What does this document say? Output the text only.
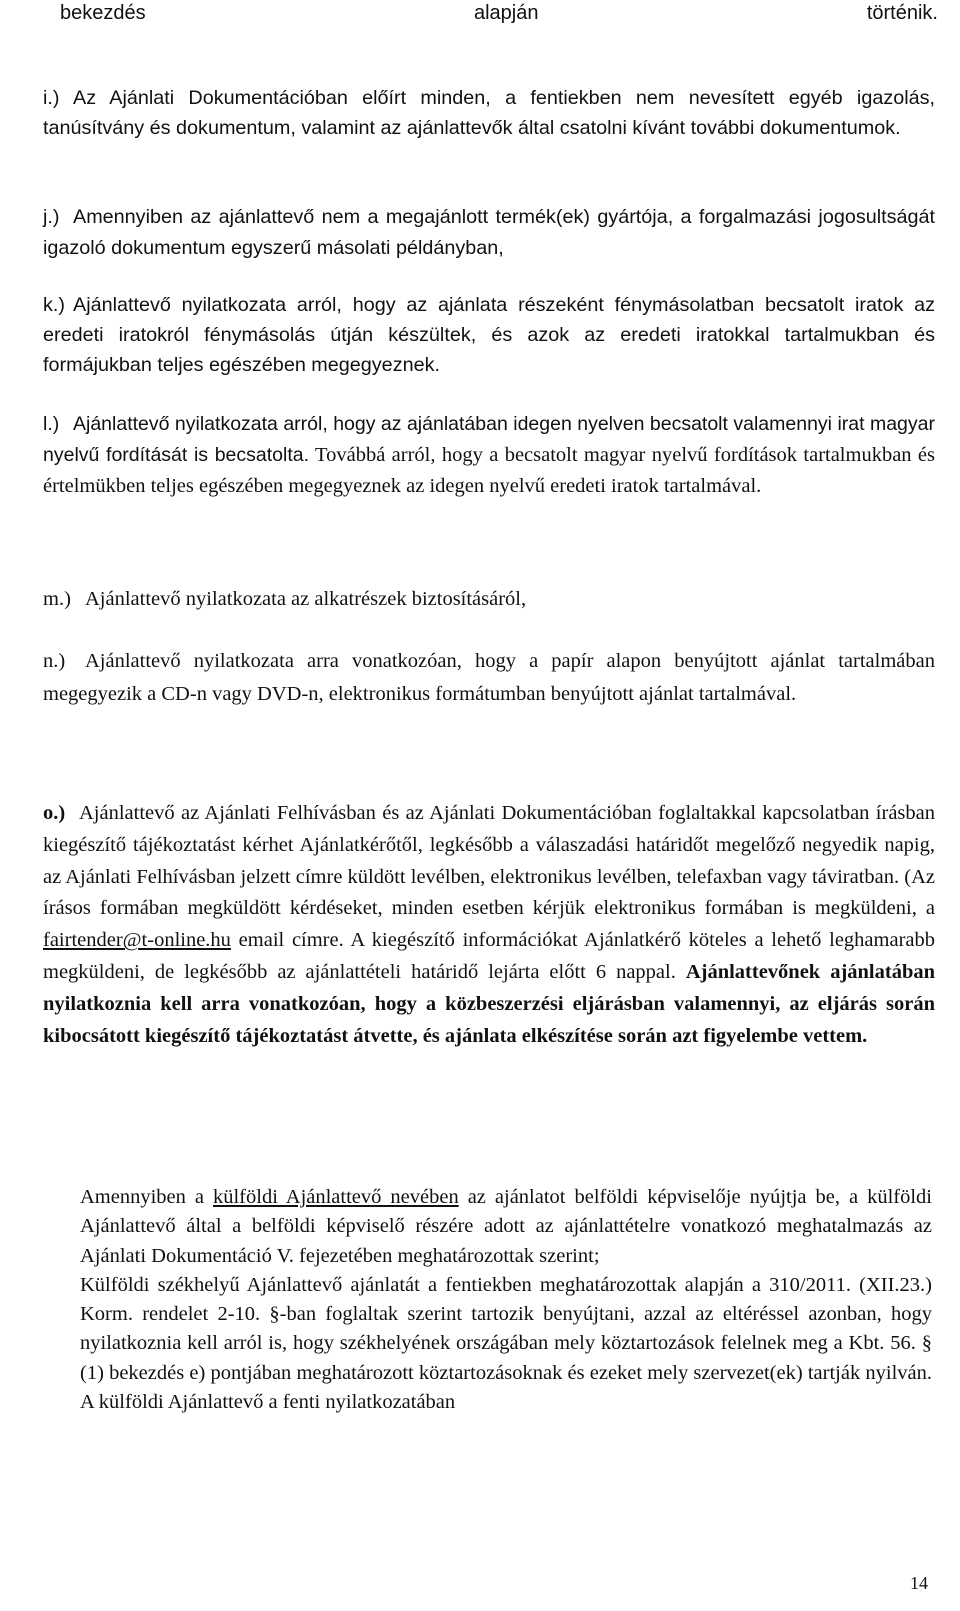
bekezdés	alapján	történik.

i.) Az Ajánlati Dokumentációban előírt minden, a fentiekben nem nevesített egyéb igazolás, tanúsítvány és dokumentum, valamint az ajánlattevők által csatolni kívánt további dokumentumok.

j.) Amennyiben az ajánlattevő nem a megajánlott termék(ek) gyártója, a forgalmazási jogosultságát igazoló dokumentum egyszerű másolati példányban,

k.) Ajánlattevő nyilatkozata arról, hogy az ajánlata részeként fénymásolatban becsatolt iratok az eredeti iratokról fénymásolás útján készültek, és azok az eredeti iratokkal tartalmukban és formájukban teljes egészében megegyeznek.

l.) Ajánlattevő nyilatkozata arról, hogy az ajánlatában idegen nyelven becsatolt valamennyi irat magyar nyelvű fordítását is becsatolta. Továbbá arról, hogy a becsatolt magyar nyelvű fordítások tartalmukban és értelmükben teljes egészében megegyeznek az idegen nyelvű eredeti iratok tartalmával.

m.) Ajánlattevő nyilatkozata az alkatrészek biztosításáról,

n.) Ajánlattevő nyilatkozata arra vonatkozóan, hogy a papír alapon benyújtott ajánlat tartalmában megegyezik a CD-n vagy DVD-n, elektronikus formátumban benyújtott ajánlat tartalmával.

o.) Ajánlattevő az Ajánlati Felhívásban és az Ajánlati Dokumentációban foglaltakkal kapcsolatban írásban kiegészítő tájékoztatást kérhet Ajánlatkérőtől, legkésőbb a válaszadási határidőt megelőző negyedik napig, az Ajánlati Felhívásban jelzett címre küldött levélben, elektronikus levélben, telefaxban vagy táviratban. (Az írásos formában megküldött kérdéseket, minden esetben kérjük elektronikus formában is megküldeni, a fairtender@t-online.hu email címre. A kiegészítő információkat Ajánlatkérő köteles a lehető leghamarabb megküldeni, de legkésőbb az ajánlattételi határidő lejárta előtt 6 nappal. Ajánlattevőnek ajánlatában nyilatkoznia kell arra vonatkozóan, hogy a közbeszerzési eljárásban valamennyi, az eljárás során kibocsátott kiegészítő tájékoztatást átvette, és ajánlata elkészítése során azt figyelembe vettem.

Amennyiben a külföldi Ajánlattevő nevében az ajánlatot belföldi képviselője nyújtja be, a külföldi Ajánlattevő által a belföldi képviselő részére adott az ajánlattételre vonatkozó meghatalmazás az Ajánlati Dokumentáció V. fejezetében meghatározottak szerint;

Külföldi székhelyű Ajánlattevő ajánlatát a fentiekben meghatározottak alapján a 310/2011. (XII.23.) Korm. rendelet 2-10. §-ban foglaltak szerint tartozik benyújtani, azzal az eltéréssel azonban, hogy nyilatkoznia kell arról is, hogy székhelyének országában mely köztartozások felelnek meg a Kbt. 56. § (1) bekezdés e) pontjában meghatározott köztartozásoknak és ezeket mely szervezet(ek) tartják nyilván. A külföldi Ajánlattevő a fenti nyilatkozatában

14
